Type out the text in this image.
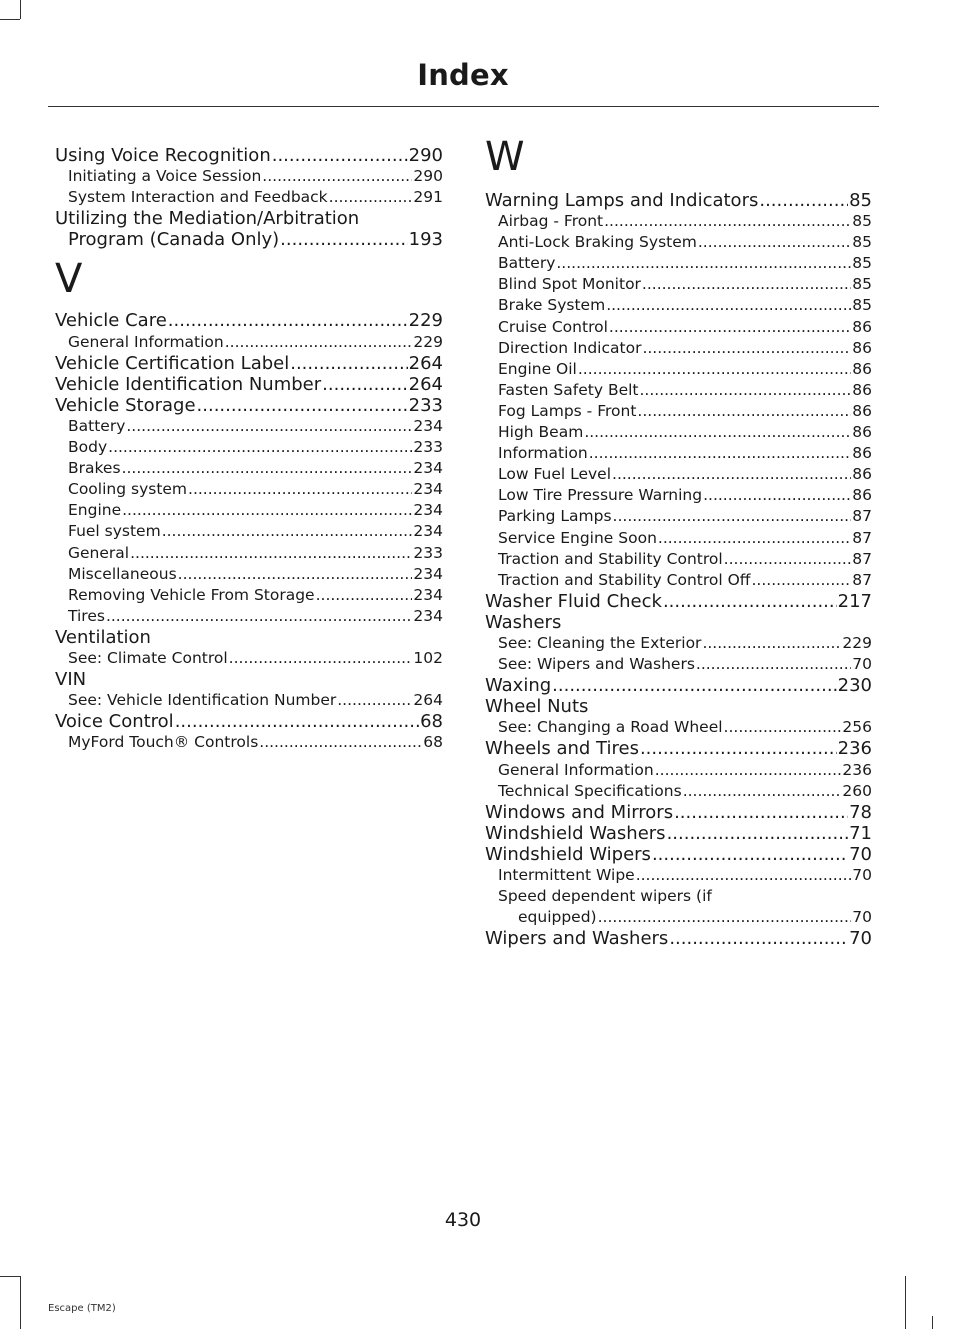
Index
Using Voice Recognition .....	290
Initiating a Voice Session .....	290
System Interaction and Feedback .....	291
Utilizing the Mediation/Arbitration
Program (Canada Only) .....	193
V
Vehicle Care .....	229
General Information .....	229
Vehicle Certification Label .....	264
Vehicle Identification Number .....	264
Vehicle Storage .....	233
Battery .....	234
Body .....	233
Brakes .....	234
Cooling system .....	234
Engine .....	234
Fuel system .....	234
General .....	233
Miscellaneous .....	234
Removing Vehicle From Storage .....	234
Tires .....	234
Ventilation
See: Climate Control .....	102
VIN
See: Vehicle Identification Number .....	264
Voice Control .....	68
MyFord Touch® Controls .....	68
W
Warning Lamps and Indicators .....	85
Airbag - Front .....	85
Anti-Lock Braking System .....	85
Battery .....	85
Blind Spot Monitor .....	85
Brake System .....	85
Cruise Control .....	86
Direction Indicator .....	86
Engine Oil .....	86
Fasten Safety Belt .....	86
Fog Lamps - Front .....	86
High Beam .....	86
Information .....	86
Low Fuel Level .....	86
Low Tire Pressure Warning .....	86
Parking Lamps .....	87
Service Engine Soon .....	87
Traction and Stability Control .....	87
Traction and Stability Control Off .....	87
Washer Fluid Check .....	217
Washers
See: Cleaning the Exterior .....	229
See: Wipers and Washers .....	70
Waxing .....	230
Wheel Nuts
See: Changing a Road Wheel .....	256
Wheels and Tires .....	236
General Information .....	236
Technical Specifications .....	260
Windows and Mirrors .....	78
Windshield Washers .....	71
Windshield Wipers .....	70
Intermittent Wipe .....	70
Speed dependent wipers (if
equipped) .....	70
Wipers and Washers .....	70
430
Escape (TM2)
